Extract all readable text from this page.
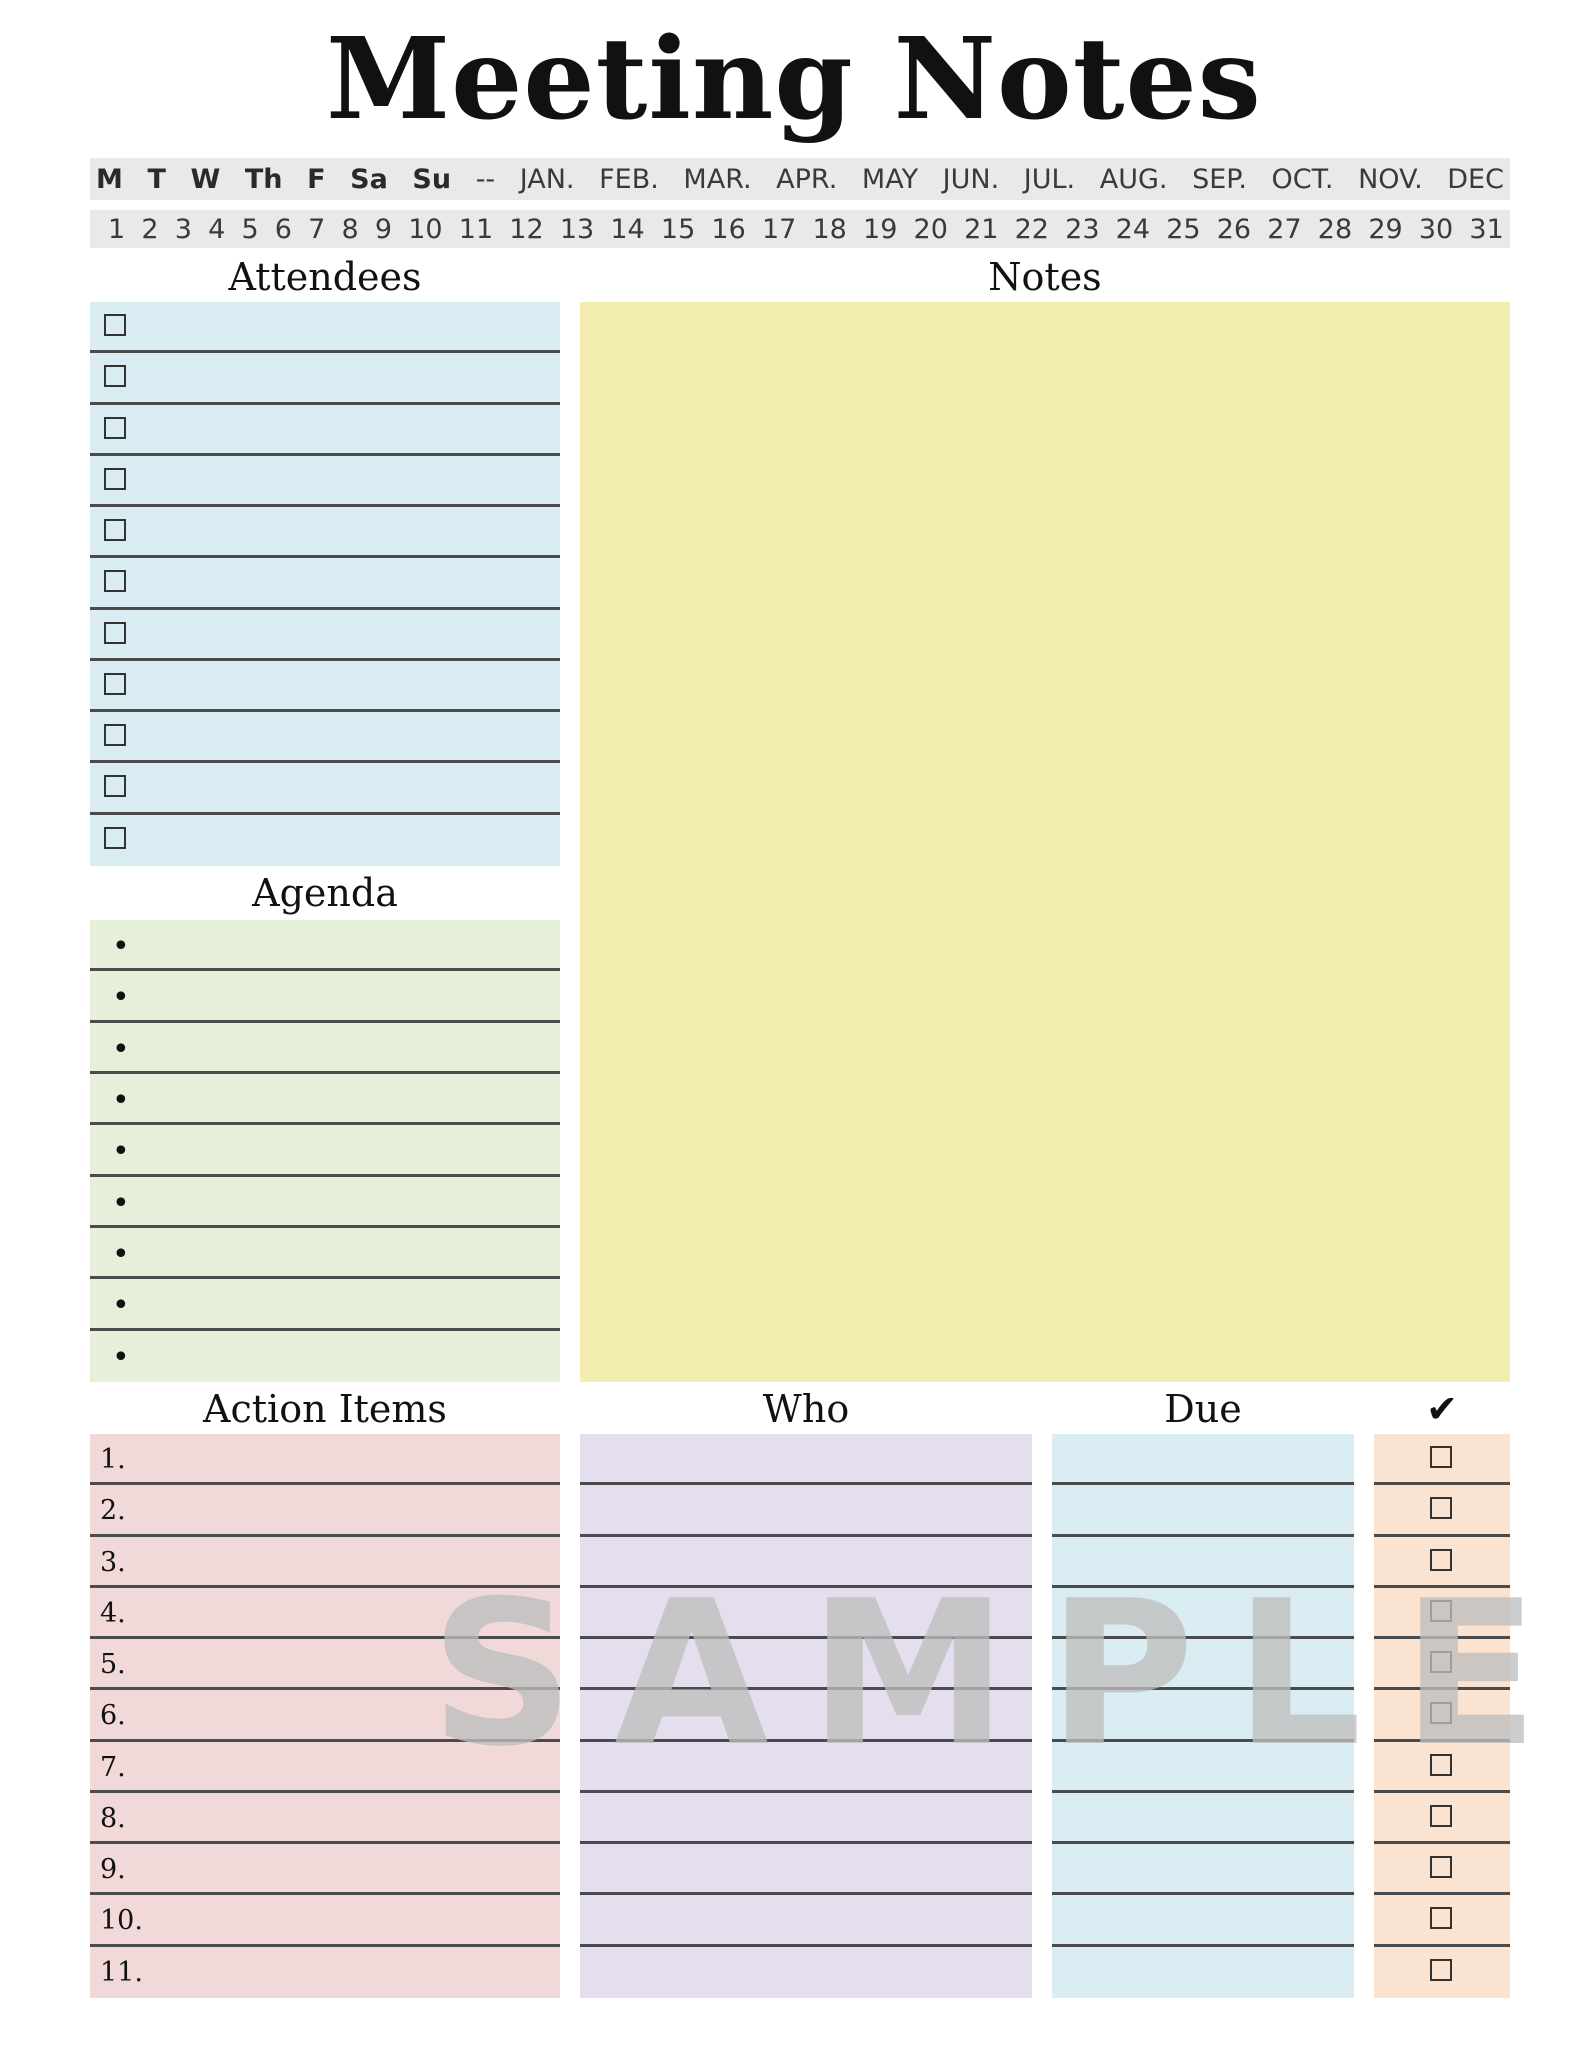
Meeting Notes
M T W Th F Sa Su -- JAN. FEB. MAR. APR. MAY JUN. JUL. AUG. SEP. OCT. NOV. DEC
1 2 3 4 5 6 7 8 9 10 11 12 13 14 15 16 17 18 19 20 21 22 23 24 25 26 27 28 29 30 31
Attendees	Notes
Agenda
•
•
•
•
•
•
•
•
•
Action Items	Who	Due	✔
1.
2.
3.
4.
5.
6.
7.
8.
9.
10.
11.
SAMPLE
